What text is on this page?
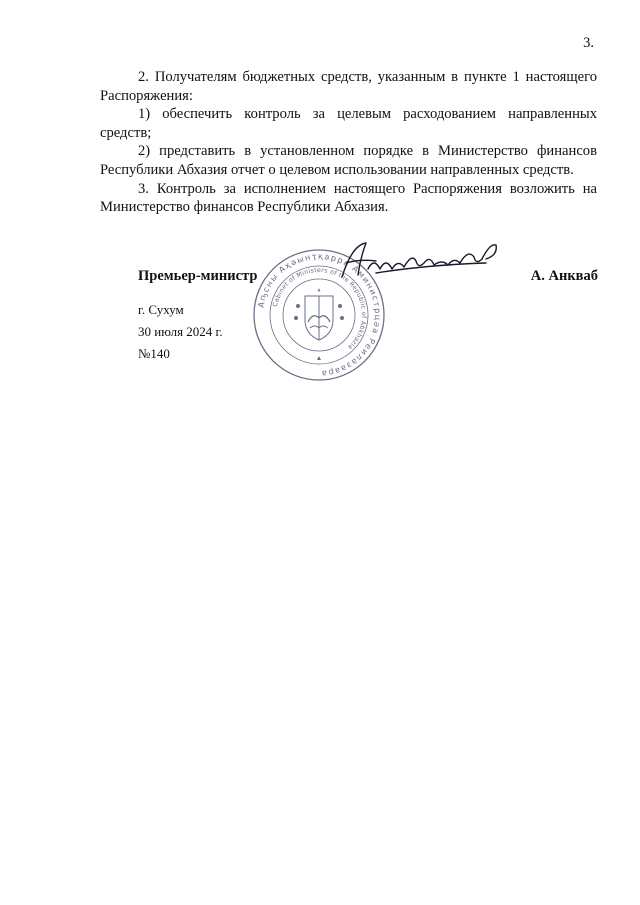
3.

2. Получателям бюджетных средств, указанным в пункте 1 настоящего Распоряжения:

1) обеспечить контроль за целевым расходованием направленных средств;

2) представить в установленном порядке в Министерство финансов Республики Абхазия отчет о целевом использовании направленных средств.

3. Контроль за исполнением настоящего Распоряжения возложить на Министерство финансов Республики Абхазия.

Аҧсны Аҳәынҭқарра Аминистрцәа Реилазаара
Cabinet of Ministers of the Republic of Abkhazia
Премьер-министр	А. Анкваб
г. Сухум
30 июля 2024 г.
№140
